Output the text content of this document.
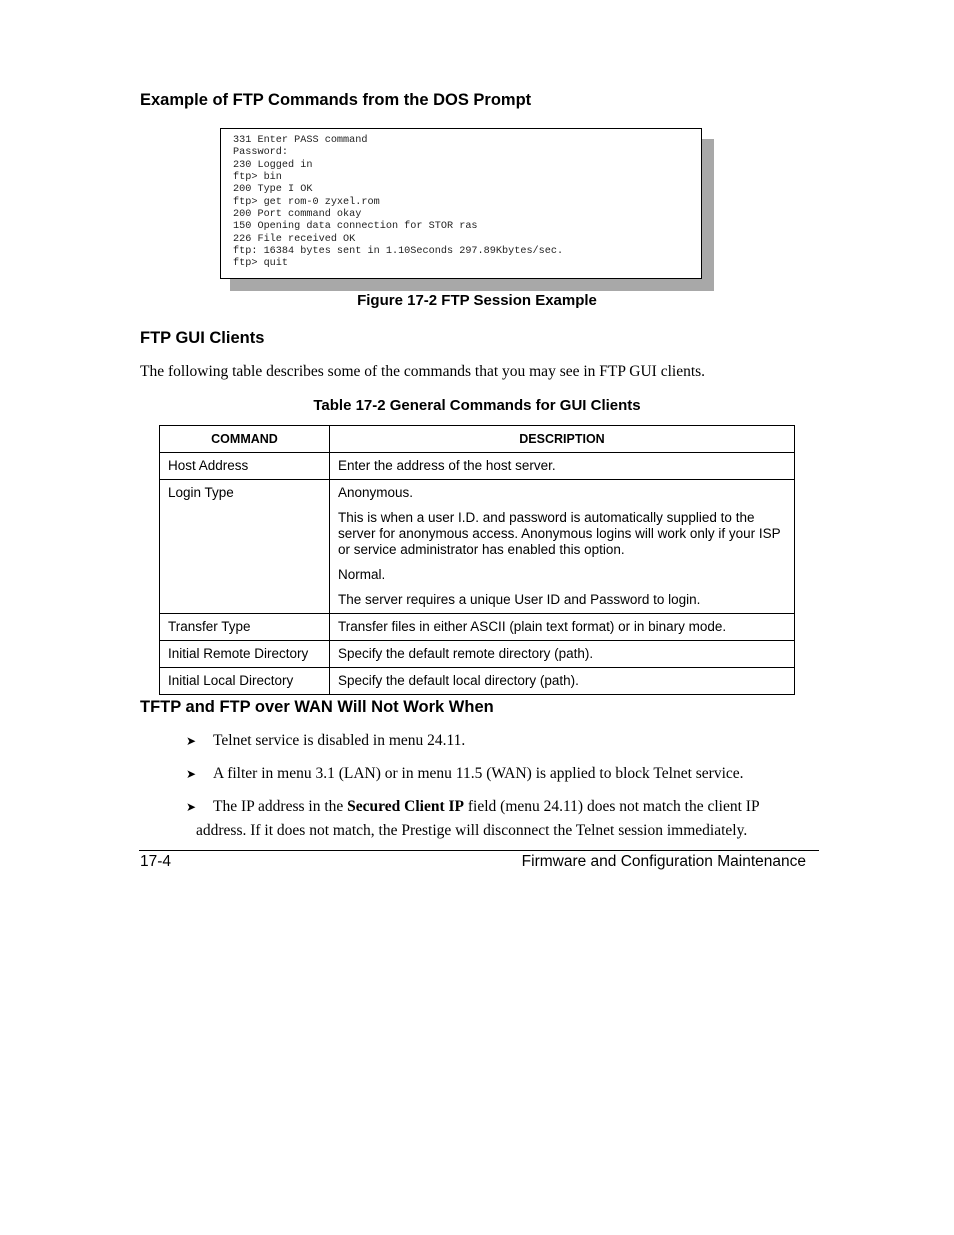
Example of FTP Commands from the DOS Prompt
331 Enter PASS command
Password:
230 Logged in
ftp> bin
200 Type I OK
ftp> get rom-0 zyxel.rom
200 Port command okay
150 Opening data connection for STOR ras
226 File received OK
ftp: 16384 bytes sent in 1.10Seconds 297.89Kbytes/sec.
ftp> quit
Figure 17-2 FTP Session Example
FTP GUI Clients
The following table describes some of the commands that you may see in FTP GUI clients.
Table 17-2 General Commands for GUI Clients
COMMAND	DESCRIPTION
Host Address	Enter the address of the host server.

Login Type	Anonymous.

This is when a user I.D. and password is automatically supplied to the server for anonymous access. Anonymous logins will work only if your ISP or service administrator has enabled this option.

Normal.

The server requires a unique User ID and Password to login.

Transfer Type	Transfer files in either ASCII (plain text format) or in binary mode.

Initial Remote Directory	Specify the default remote directory (path).

Initial Local Directory	Specify the default local directory (path).

TFTP and FTP over WAN Will Not Work When
➤ Telnet service is disabled in menu 24.11.
➤ A filter in menu 3.1 (LAN) or in menu 11.5 (WAN) is applied to block Telnet service.
➤ The IP address in the Secured Client IP field (menu 24.11) does not match the client IP
address. If it does not match, the Prestige will disconnect the Telnet session immediately.
17-4	Firmware and Configuration Maintenance
